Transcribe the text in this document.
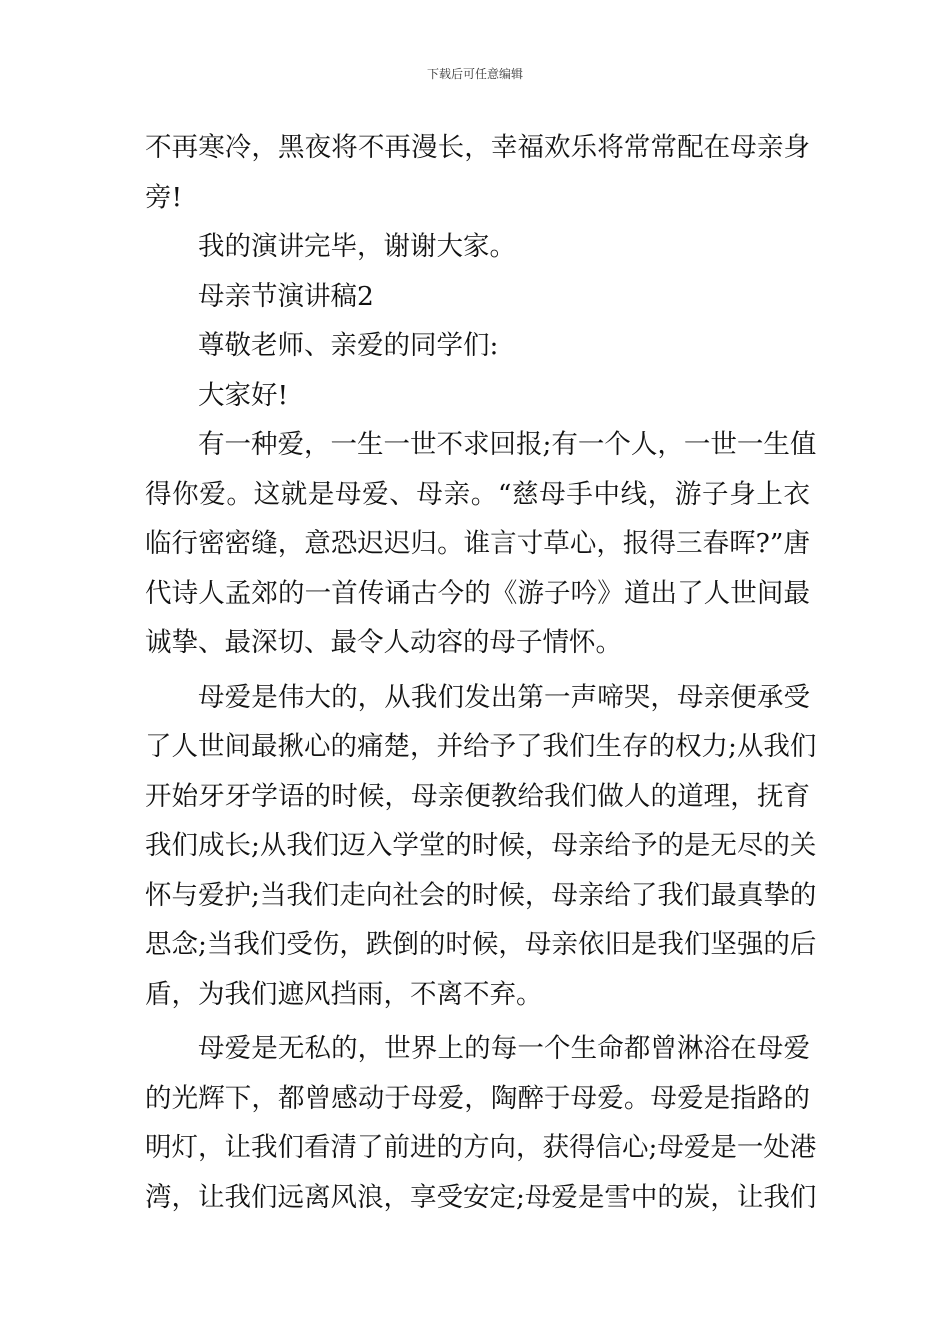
下载后可任意编辑
不再寒冷，黑夜将不再漫长，幸福欢乐将常常配在母亲身
旁!
我的演讲完毕，谢谢大家。
母亲节演讲稿2
尊敬老师、亲爱的同学们:
大家好!
有一种爱，一生一世不求回报;有一个人，一世一生值
得你爱。这就是母爱、母亲。“慈母手中线，游子身上衣
临行密密缝，意恐迟迟归。谁言寸草心，报得三春晖?”唐
代诗人孟郊的一首传诵古今的《游子吟》道出了人世间最
诚挚、最深切、最令人动容的母子情怀。
母爱是伟大的，从我们发出第一声啼哭，母亲便承受
了人世间最揪心的痛楚，并给予了我们生存的权力;从我们
开始牙牙学语的时候，母亲便教给我们做人的道理，抚育
我们成长;从我们迈入学堂的时候，母亲给予的是无尽的关
怀与爱护;当我们走向社会的时候，母亲给了我们最真挚的
思念;当我们受伤，跌倒的时候，母亲依旧是我们坚强的后
盾，为我们遮风挡雨，不离不弃。
母爱是无私的，世界上的每一个生命都曾淋浴在母爱
的光辉下，都曾感动于母爱，陶醉于母爱。母爱是指路的
明灯，让我们看清了前进的方向，获得信心;母爱是一处港
湾，让我们远离风浪，享受安定;母爱是雪中的炭，让我们
